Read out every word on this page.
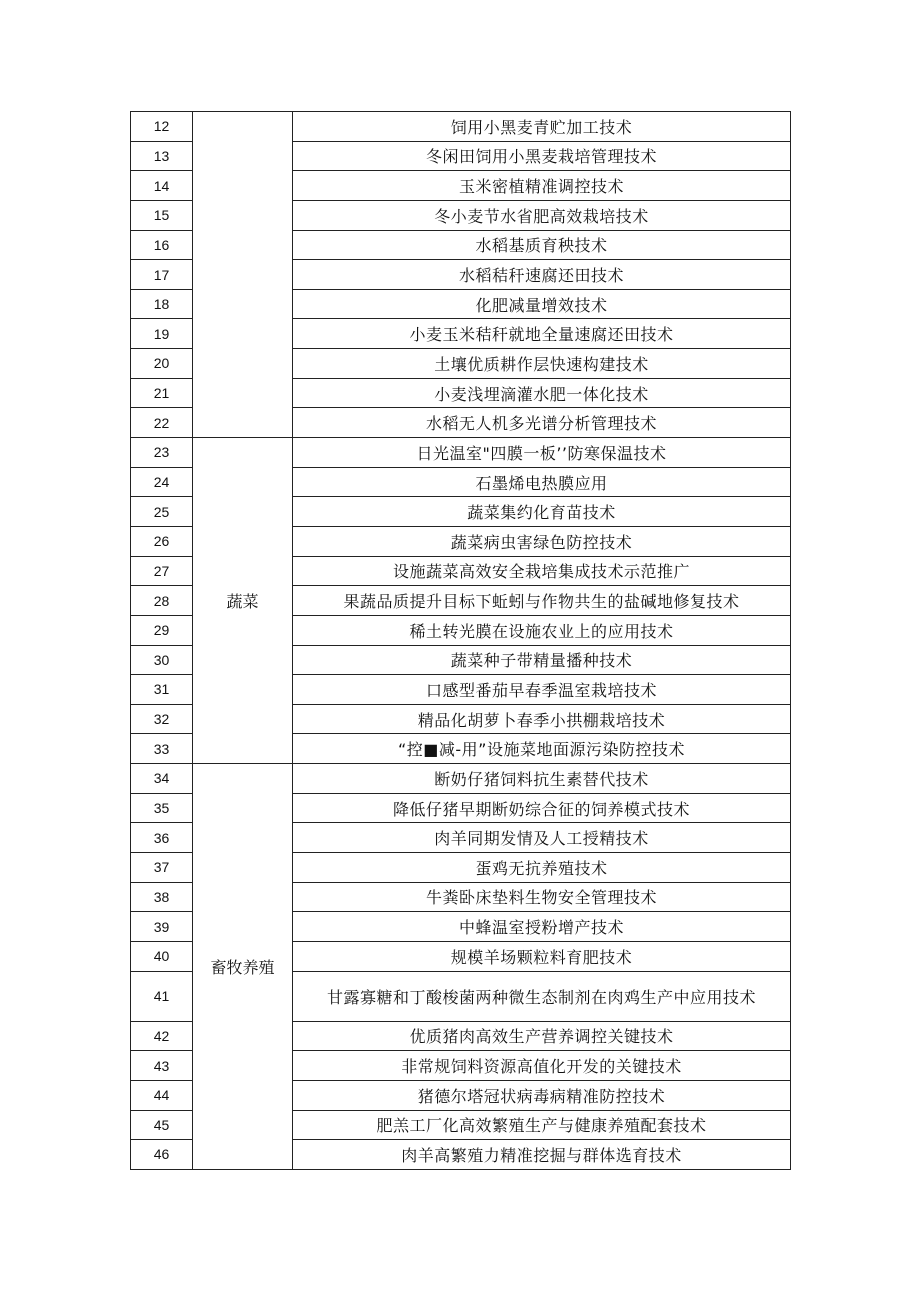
12		饲用小黑麦青贮加工技术
13		冬闲田饲用小黑麦栽培管理技术
14		玉米密植精准调控技术
15		冬小麦节水省肥高效栽培技术
16		水稻基质育秧技术
17		水稻秸秆速腐还田技术
18		化肥减量增效技术
19		小麦玉米秸秆就地全量速腐还田技术
20		土壤优质耕作层快速构建技术
21		小麦浅埋滴灌水肥一体化技术
22		水稻无人机多光谱分析管理技术
23	蔬菜	日光温室"四膜一板’’防寒保温技术
24		石墨烯电热膜应用
25		蔬菜集约化育苗技术
26		蔬菜病虫害绿色防控技术
27		设施蔬菜高效安全栽培集成技术示范推广
28		果蔬品质提升目标下蚯蚓与作物共生的盐碱地修复技术
29		稀土转光膜在设施农业上的应用技术
30		蔬菜种子带精量播种技术
31		口感型番茄早春季温室栽培技术
32		精品化胡萝卜春季小拱棚栽培技术
33		“控■减-用”设施菜地面源污染防控技术
34	畜牧养殖	断奶仔猪饲料抗生素替代技术
35		降低仔猪早期断奶综合征的饲养模式技术
36		肉羊同期发情及人工授精技术
37		蛋鸡无抗养殖技术
38		牛粪卧床垫料生物安全管理技术
39		中蜂温室授粉增产技术
40		规模羊场颗粒料育肥技术
41		甘露寡糖和丁酸梭菌两种微生态制剂在肉鸡生产中应用技术
42		优质猪肉高效生产营养调控关键技术
43		非常规饲料资源高值化开发的关键技术
44		猪德尔塔冠状病毒病精准防控技术
45		肥羔工厂化高效繁殖生产与健康养殖配套技术
46		肉羊高繁殖力精准挖掘与群体选育技术
